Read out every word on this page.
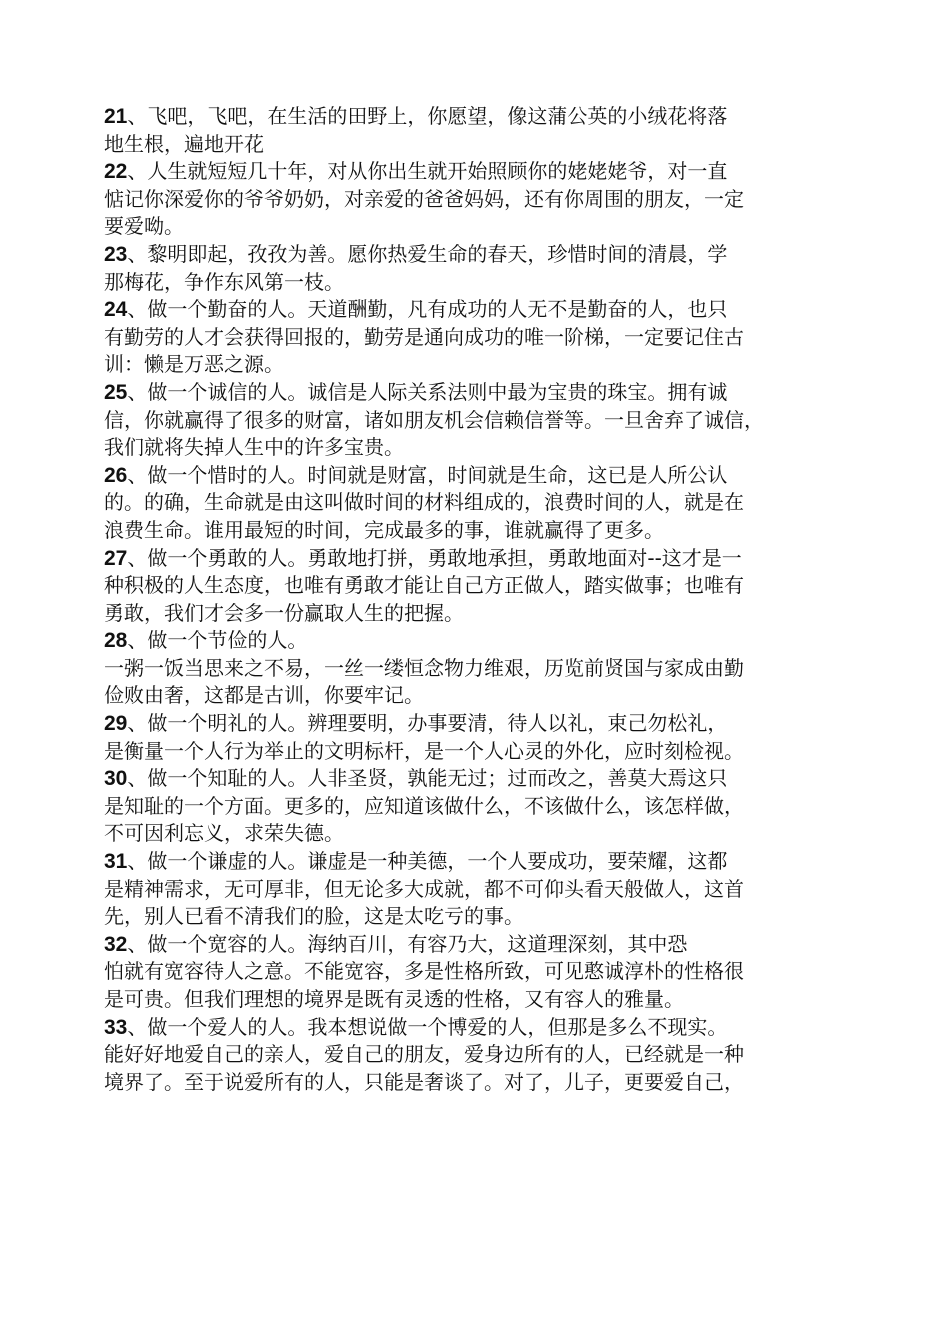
21、飞吧，飞吧，在生活的田野上，你愿望，像这蒲公英的小绒花将落
地生根，遍地开花
22、人生就短短几十年，对从你出生就开始照顾你的姥姥姥爷，对一直
惦记你深爱你的爷爷奶奶，对亲爱的爸爸妈妈，还有你周围的朋友，一定
要爱呦。
23、黎明即起，孜孜为善。愿你热爱生命的春天，珍惜时间的清晨，学
那梅花，争作东风第一枝。
24、做一个勤奋的人。天道酬勤，凡有成功的人无不是勤奋的人，也只
有勤劳的人才会获得回报的，勤劳是通向成功的唯一阶梯，一定要记住古
训：懒是万恶之源。
25、做一个诚信的人。诚信是人际关系法则中最为宝贵的珠宝。拥有诚
信，你就赢得了很多的财富，诸如朋友机会信赖信誉等。一旦舍弃了诚信，
我们就将失掉人生中的许多宝贵。
26、做一个惜时的人。时间就是财富，时间就是生命，这已是人所公认
的。的确，生命就是由这叫做时间的材料组成的，浪费时间的人，就是在
浪费生命。谁用最短的时间，完成最多的事，谁就赢得了更多。
27、做一个勇敢的人。勇敢地打拼，勇敢地承担，勇敢地面对--这才是一
种积极的人生态度，也唯有勇敢才能让自己方正做人，踏实做事；也唯有
勇敢，我们才会多一份赢取人生的把握。
28、做一个节俭的人。
一粥一饭当思来之不易，一丝一缕恒念物力维艰，历览前贤国与家成由勤
俭败由奢，这都是古训，你要牢记。
29、做一个明礼的人。辨理要明，办事要清，待人以礼，束己勿松礼，
是衡量一个人行为举止的文明标杆，是一个人心灵的外化，应时刻检视。
30、做一个知耻的人。人非圣贤，孰能无过；过而改之，善莫大焉这只
是知耻的一个方面。更多的，应知道该做什么，不该做什么，该怎样做，
不可因利忘义，求荣失德。
31、做一个谦虚的人。谦虚是一种美德，一个人要成功，要荣耀，这都
是精神需求，无可厚非，但无论多大成就，都不可仰头看天般做人，这首
先，别人已看不清我们的脸，这是太吃亏的事。
32、做一个宽容的人。海纳百川，有容乃大，这道理深刻，其中恐
怕就有宽容待人之意。不能宽容，多是性格所致，可见憨诚淳朴的性格很
是可贵。但我们理想的境界是既有灵透的性格，又有容人的雅量。
33、做一个爱人的人。我本想说做一个博爱的人，但那是多么不现实。
能好好地爱自己的亲人，爱自己的朋友，爱身边所有的人，已经就是一种
境界了。至于说爱所有的人，只能是奢谈了。对了，儿子，更要爱自己，
